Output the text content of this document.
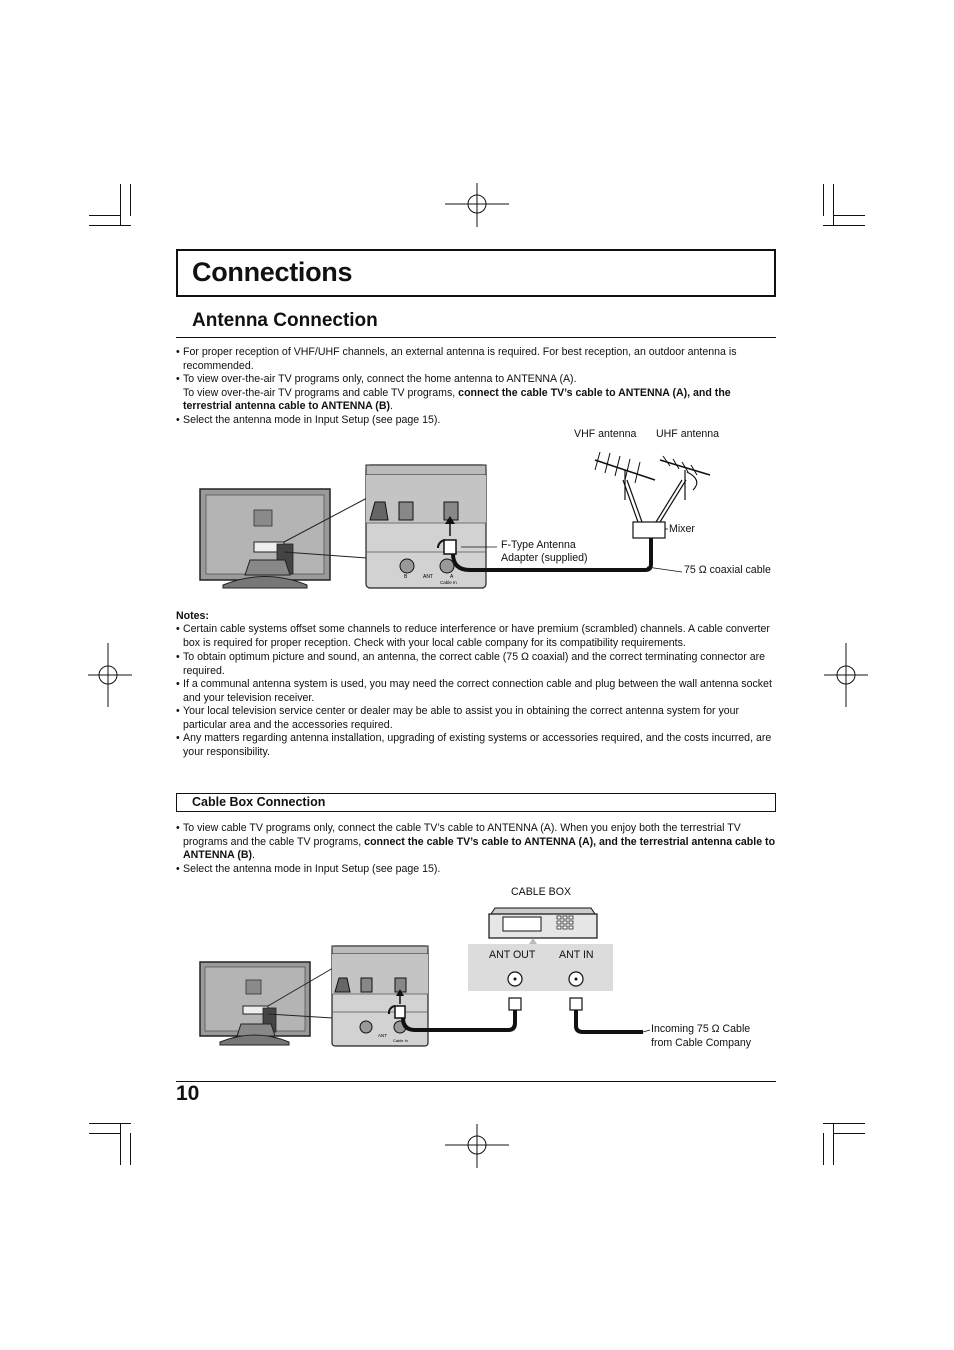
Connections
Antenna Connection
• For proper reception of VHF/UHF channels, an external antenna is required. For best reception, an outdoor antenna is recommended.
• To view over-the-air TV programs only, connect the home antenna to ANTENNA (A).
To view over-the-air TV programs and cable TV programs, connect the cable TV’s cable to ANTENNA (A), and the terrestrial antenna cable to ANTENNA (B).
• Select the antenna mode in Input Setup (see page 15).
VHF antenna UHF antenna
Mixer
F-Type Antenna
Adapter (supplied)
75 Ω coaxial cable
B	ANT	A
Cable In
Notes:
• Certain cable systems offset some channels to reduce interference or have premium (scrambled) channels. A cable converter box is required for proper reception. Check with your local cable company for its compatibility requirements.
• To obtain optimum picture and sound, an antenna, the correct cable (75 Ω coaxial) and the correct terminating connector are required.
• If a communal antenna system is used, you may need the correct connection cable and plug between the wall antenna socket and your television receiver.
• Your local television service center or dealer may be able to assist you in obtaining the correct antenna system for your particular area and the accessories required.
• Any matters regarding antenna installation, upgrading of existing systems or accessories required, and the costs incurred, are your responsibility.
Cable Box Connection
• To view cable TV programs only, connect the cable TV’s cable to ANTENNA (A). When you enjoy both the terrestrial TV programs and the cable TV programs, connect the cable TV’s cable to ANTENNA (A), and the terrestrial antenna cable to ANTENNA (B).
• Select the antenna mode in Input Setup (see page 15).
CABLE BOX
ANT OUT ANT IN
Incoming 75 Ω Cable
from Cable Company
ANT
Cable In
10
